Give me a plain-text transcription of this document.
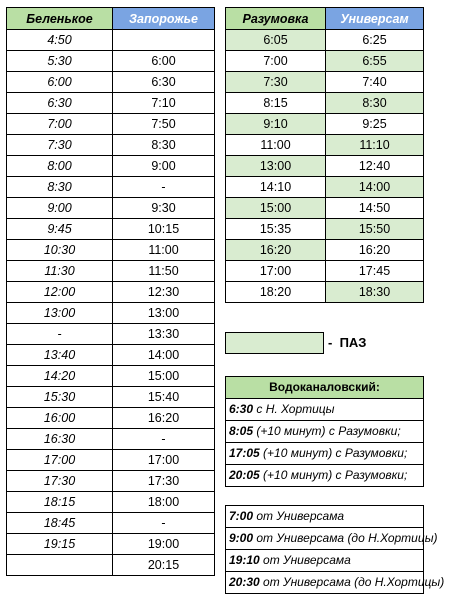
Беленькое	Запорожье
4:50	
5:30	6:00
6:00	6:30
6:30	7:10
7:00	7:50
7:30	8:30
8:00	9:00
8:30	-
9:00	9:30
9:45	10:15
10:30	11:00
11:30	11:50
12:00	12:30
13:00	13:00
-	13:30
13:40	14:00
14:20	15:00
15:30	15:40
16:00	16:20
16:30	-
17:00	17:00
17:30	17:30
18:15	18:00
18:45	-
19:15	19:00
	20:15
Разумовка	Универсам
6:05	6:25
7:00	6:55
7:30	7:40
8:15	8:30
9:10	9:25
11:00	11:10
13:00	12:40
14:10	14:00
15:00	14:50
15:35	15:50
16:20	16:20
17:00	17:45
18:20	18:30
- ПАЗ
Водоканаловский:
6:30 с Н. Хортицы
8:05 (+10 минут) с Разумовки;
17:05 (+10 минут) с Разумовки;
20:05 (+10 минут) с Разумовки;
7:00 от Универсама
9:00 от Универсама (до Н.Хортицы)
19:10 от Универсама
20:30 от Универсама (до Н.Хортицы)
